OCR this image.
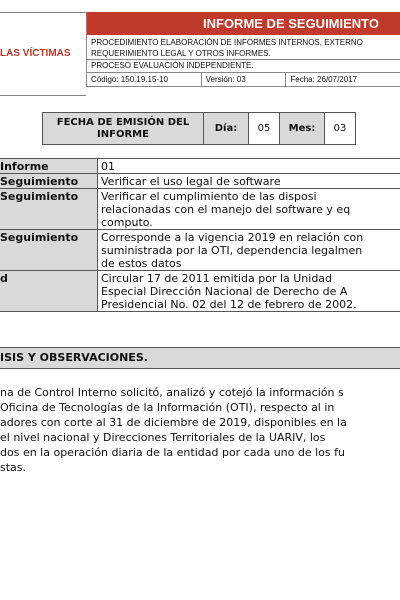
LAS VÍCTIMAS
INFORME DE SEGUIMIENTO
PROCEDIMIENTO ELABORACIÓN DE INFORMES INTERNOS, EXTERNO
REQUERIMIENTO LEGAL Y OTROS INFORMES.
PROCESO EVALUACIÓN INDEPENDIENTE.
Código: 150.19.15-10	Versión: 03	Fecha: 26/07/2017
FECHA DE EMISIÓN DEL
INFORME	Día:	05	Mes:	03
Informe	01
Seguimiento	Verificar el uso legal de software
Seguimiento	Verificar el cumplimiento de las disposi
relacionadas con el manejo del software y eq
computo.
Seguimiento	Corresponde a la vigencia 2019 en relación con
suministrada por la OTI, dependencia legalmen
de estos datos
d	Circular 17 de 2011 emitida por la Unidad
Especial Dirección Nacional de Derecho de A
Presidencial No. 02 del 12 de febrero de 2002.
ISIS Y OBSERVACIONES.
na de Control Interno solicitó, analizó y cotejó la información s
Oficina de Tecnologías de la Información (OTI), respecto al in
adores con corte al 31 de diciembre de 2019, disponibles en la
el nivel nacional y Direcciones Territoriales de la UARIV, los
dos en la operación diaria de la entidad por cada uno de los fu
stas.
